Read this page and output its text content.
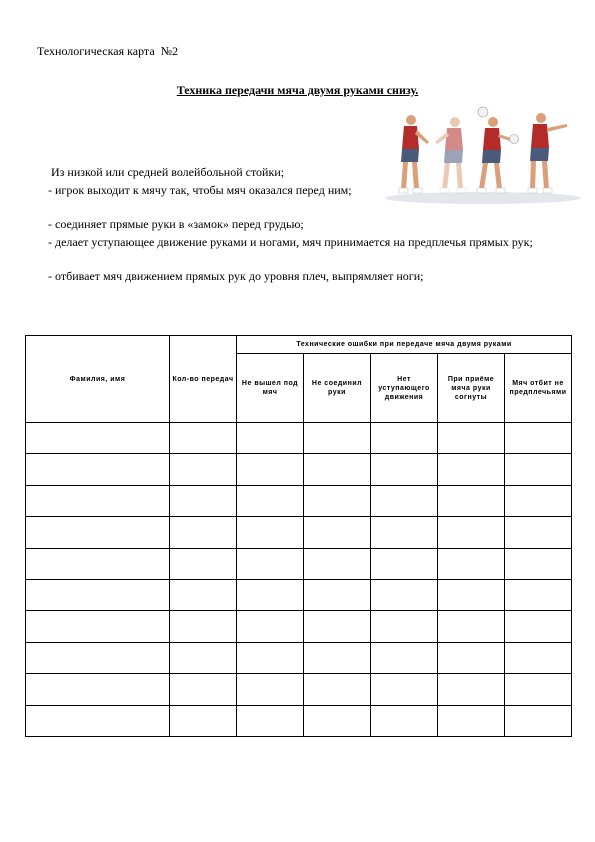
Технологическая карта  №2
Техника передачи мяча двумя руками снизу.
Из низкой или средней волейбольной стойки;
- игрок выходит к мячу так, чтобы мяч оказался перед ним;
- соединяет прямые руки в «замок» перед грудью;
- делает уступающее движение руками и ногами, мяч принимается на предплечья прямых рук;
- отбивает мяч движением прямых рук до уровня плеч, выпрямляет ноги;
Фамилия, имя	Кол-во передач	Технические ошибки при передаче мяча двумя руками				
		Не вышел под мяч	Не соединил руки	Нет уступающего движения	При приёме мяча руки согнуты	Мяч отбит не предплечьями
